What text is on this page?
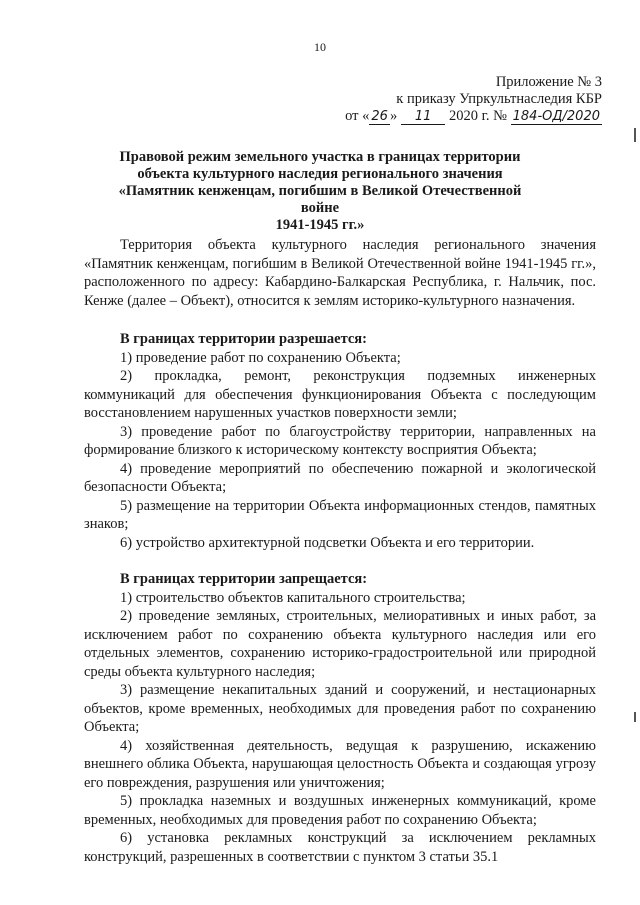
10
Приложение № 3
к приказу Упркультнаследия КБР
от « 26 » 11 2020 г. № 184-ОД/2020
Правовой режим земельного участка в границах территории
объекта культурного наследия регионального значения
«Памятник кенженцам, погибшим в Великой Отечественной войне
1941-1945 гг.»

Территория объекта культурного наследия регионального значения «Памятник кенженцам, погибшим в Великой Отечественной войне 1941-1945 гг.», расположенного по адресу: Кабардино-Балкарская Республика, г. Нальчик, пос. Кенже (далее – Объект), относится к землям историко-культурного назначения.

В границах территории разрешается:

1) проведение работ по сохранению Объекта;

2) прокладка, ремонт, реконструкция подземных инженерных коммуникаций для обеспечения функционирования Объекта с последующим восстановлением нарушенных участков поверхности земли;

3) проведение работ по благоустройству территории, направленных на формирование близкого к историческому контексту восприятия Объекта;

4) проведение мероприятий по обеспечению пожарной и экологической безопасности Объекта;

5) размещение на территории Объекта информационных стендов, памятных знаков;

6) устройство архитектурной подсветки Объекта и его территории.

В границах территории запрещается:

1) строительство объектов капитального строительства;

2) проведение земляных, строительных, мелиоративных и иных работ, за исключением работ по сохранению объекта культурного наследия или его отдельных элементов, сохранению историко-градостроительной или природной среды объекта культурного наследия;

3) размещение некапитальных зданий и сооружений, и нестационарных объектов, кроме временных, необходимых для проведения работ по сохранению Объекта;

4) хозяйственная деятельность, ведущая к разрушению, искажению внешнего облика Объекта, нарушающая целостность Объекта и создающая угрозу его повреждения, разрушения или уничтожения;

5) прокладка наземных и воздушных инженерных коммуникаций, кроме временных, необходимых для проведения работ по сохранению Объекта;

6) установка рекламных конструкций за исключением рекламных конструкций, разрешенных в соответствии с пунктом 3 статьи 35.1
